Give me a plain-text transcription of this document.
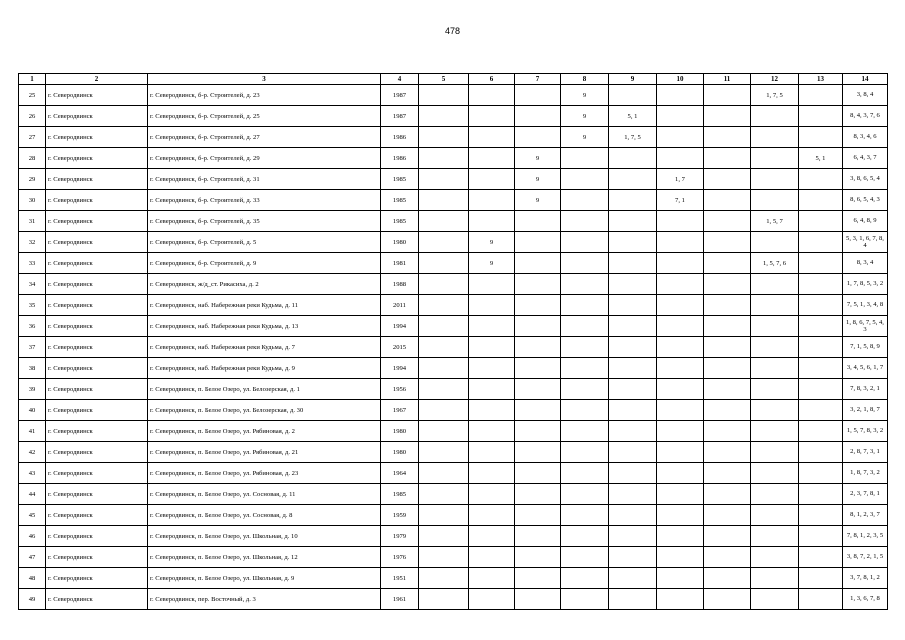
478
1	2	3	4	5	6	7	8	9	10	11	12	13	14
25	г. Северодвинск	г. Северодвинск, б-р. Строителей, д. 23	1987				9				1, 7, 5		3, 8, 4
26	г. Северодвинск	г. Северодвинск, б-р. Строителей, д. 25	1987				9	5, 1					8, 4, 3, 7, 6
27	г. Северодвинск	г. Северодвинск, б-р. Строителей, д. 27	1986				9	1, 7, 5					8, 3, 4, 6
28	г. Северодвинск	г. Северодвинск, б-р. Строителей, д. 29	1986			9						5, 1	6, 4, 3, 7
29	г. Северодвинск	г. Северодвинск, б-р. Строителей, д. 31	1985			9			1, 7				3, 8, 6, 5, 4
30	г. Северодвинск	г. Северодвинск, б-р. Строителей, д. 33	1985			9			7, 1				8, 6, 5, 4, 3
31	г. Северодвинск	г. Северодвинск, б-р. Строителей, д. 35	1985								1, 5, 7		6, 4, 8, 9
32	г. Северодвинск	г. Северодвинск, б-р. Строителей, д. 5	1980		9								5, 3, 1, 6, 7, 8, 4
33	г. Северодвинск	г. Северодвинск, б-р. Строителей, д. 9	1981		9						1, 5, 7, 6		8, 3, 4
34	г. Северодвинск	г. Северодвинск, ж/д_ст. Рикасиха, д. 2	1988										1, 7, 8, 5, 3, 2
35	г. Северодвинск	г. Северодвинск, наб. Набережная реки Кудьма, д. 11	2011										7, 5, 1, 3, 4, 8
36	г. Северодвинск	г. Северодвинск, наб. Набережная реки Кудьма, д. 13	1994										1, 8, 6, 7, 5, 4, 3
37	г. Северодвинск	г. Северодвинск, наб. Набережная реки Кудьма, д. 7	2015										7, 1, 5, 8, 9
38	г. Северодвинск	г. Северодвинск, наб. Набережная реки Кудьма, д. 9	1994										3, 4, 5, 6, 1, 7
39	г. Северодвинск	г. Северодвинск, п. Белое Озеро, ул. Белозерская, д. 1	1956										7, 8, 3, 2, 1
40	г. Северодвинск	г. Северодвинск, п. Белое Озеро, ул. Белозерская, д. 30	1967										3, 2, 1, 8, 7
41	г. Северодвинск	г. Северодвинск, п. Белое Озеро, ул. Рябиновая, д. 2	1980										1, 5, 7, 8, 3, 2
42	г. Северодвинск	г. Северодвинск, п. Белое Озеро, ул. Рябиновая, д. 21	1980										2, 8, 7, 3, 1
43	г. Северодвинск	г. Северодвинск, п. Белое Озеро, ул. Рябиновая, д. 23	1964										1, 8, 7, 3, 2
44	г. Северодвинск	г. Северодвинск, п. Белое Озеро, ул. Сосновая, д. 11	1985										2, 3, 7, 8, 1
45	г. Северодвинск	г. Северодвинск, п. Белое Озеро, ул. Сосновая, д. 8	1959										8, 1, 2, 3, 7
46	г. Северодвинск	г. Северодвинск, п. Белое Озеро, ул. Школьная, д. 10	1979										7, 8, 1, 2, 3, 5
47	г. Северодвинск	г. Северодвинск, п. Белое Озеро, ул. Школьная, д. 12	1976										3, 8, 7, 2, 1, 5
48	г. Северодвинск	г. Северодвинск, п. Белое Озеро, ул. Школьная, д. 9	1951										3, 7, 8, 1, 2
49	г. Северодвинск	г. Северодвинск, пер. Восточный, д. 3	1961										1, 3, 6, 7, 8
